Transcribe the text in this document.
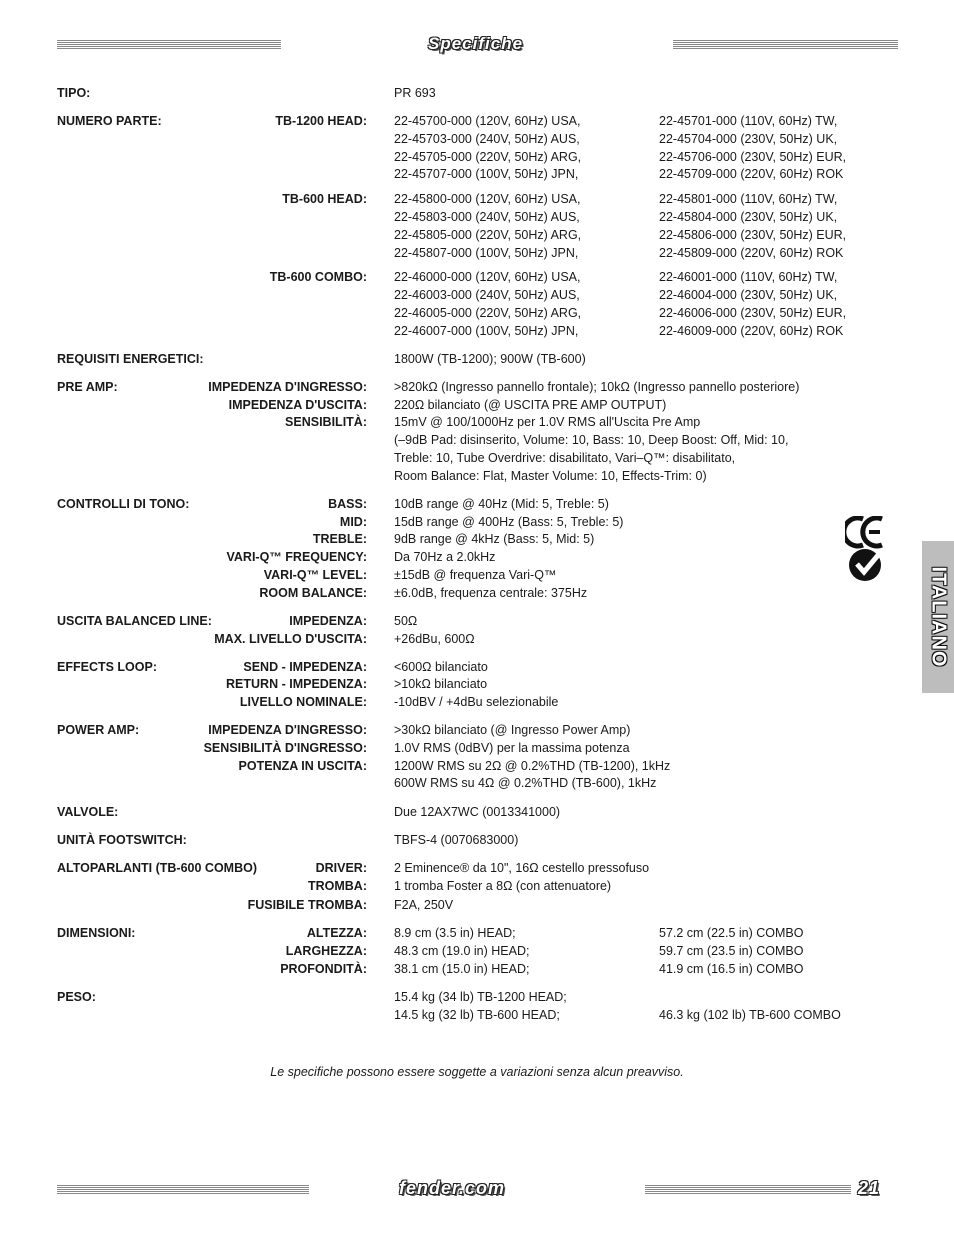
Specifiche
TIPO:	PR 693
NUMERO PARTE:	TB-1200 HEAD: 22-45700-000 (120V, 60Hz) USA,	22-45701-000 (110V, 60Hz) TW,
22-45703-000 (240V, 50Hz) AUS,	22-45704-000 (230V, 50Hz) UK,
22-45705-000 (220V, 50Hz) ARG,	22-45706-000 (230V, 50Hz) EUR,
22-45707-000 (100V, 50Hz) JPN,	22-45709-000 (220V, 60Hz) ROK
TB-600 HEAD: 22-45800-000 (120V, 60Hz) USA,	22-45801-000 (110V, 60Hz) TW,
22-45803-000 (240V, 50Hz) AUS,	22-45804-000 (230V, 50Hz) UK,
22-45805-000 (220V, 50Hz) ARG,	22-45806-000 (230V, 50Hz) EUR,
22-45807-000 (100V, 50Hz) JPN,	22-45809-000 (220V, 60Hz) ROK
TB-600 COMBO: 22-46000-000 (120V, 60Hz) USA,	22-46001-000 (110V, 60Hz) TW,
22-46003-000 (240V, 50Hz) AUS,	22-46004-000 (230V, 50Hz) UK,
22-46005-000 (220V, 50Hz) ARG,	22-46006-000 (230V, 50Hz) EUR,
22-46007-000 (100V, 50Hz) JPN,	22-46009-000 (220V, 60Hz) ROK
REQUISITI ENERGETICI:	1800W (TB-1200); 900W (TB-600)
PRE AMP:	IMPEDENZA D'INGRESSO: >820kΩ (Ingresso pannello frontale); 10kΩ (Ingresso pannello posteriore)
IMPEDENZA D'USCITA: 220Ω bilanciato (@ USCITA PRE AMP OUTPUT)
SENSIBILITÀ: 15mV @ 100/1000Hz per 1.0V RMS all'Uscita Pre Amp
(–9dB Pad: disinserito, Volume: 10, Bass: 10, Deep Boost: Off, Mid: 10,
Treble: 10, Tube Overdrive: disabilitato, Vari–Q™: disabilitato,
Room Balance: Flat, Master Volume: 10, Effects-Trim: 0)
CONTROLLI DI TONO:	BASS: 10dB range @ 40Hz (Mid: 5, Treble: 5)
MID: 15dB range @ 400Hz (Bass: 5, Treble: 5)
TREBLE: 9dB range @ 4kHz (Bass: 5, Mid: 5)
VARI-Q™ FREQUENCY: Da 70Hz a 2.0kHz
VARI-Q™ LEVEL: ±15dB @ frequenza Vari-Q™
ROOM BALANCE: ±6.0dB, frequenza centrale: 375Hz
USCITA BALANCED LINE:	IMPEDENZA: 50Ω
MAX. LIVELLO D'USCITA: +26dBu, 600Ω
EFFECTS LOOP:	SEND - IMPEDENZA: <600Ω bilanciato
RETURN - IMPEDENZA: >10kΩ bilanciato
LIVELLO NOMINALE: -10dBV / +4dBu selezionabile
POWER AMP:	IMPEDENZA D'INGRESSO: >30kΩ bilanciato (@ Ingresso Power Amp)
SENSIBILITÀ D'INGRESSO: 1.0V RMS (0dBV) per la massima potenza
POTENZA IN USCITA: 1200W RMS su 2Ω @ 0.2%THD (TB-1200), 1kHz
600W RMS su 4Ω @ 0.2%THD (TB-600), 1kHz
VALVOLE:	Due 12AX7WC (0013341000)
UNITÀ FOOTSWITCH:	TBFS-4 (0070683000)
ALTOPARLANTI (TB-600 COMBO)	DRIVER: 2 Eminence® da 10", 16Ω cestello pressofuso
TROMBA: 1 tromba Foster a 8Ω (con attenuatore)
FUSIBILE TROMBA: F2A, 250V
DIMENSIONI:	ALTEZZA: 8.9 cm (3.5 in) HEAD;	57.2 cm (22.5 in) COMBO
LARGHEZZA: 48.3 cm (19.0 in) HEAD;	59.7 cm (23.5 in) COMBO
PROFONDITÀ: 38.1 cm (15.0 in) HEAD;	41.9 cm (16.5 in) COMBO
PESO:	15.4 kg (34 lb) TB-1200 HEAD;
14.5 kg (32 lb) TB-600 HEAD;	46.3 kg (102 lb) TB-600 COMBO
ITALIANO
Le specifiche possono essere soggette a variazioni senza alcun preavviso.
fender.com	21
